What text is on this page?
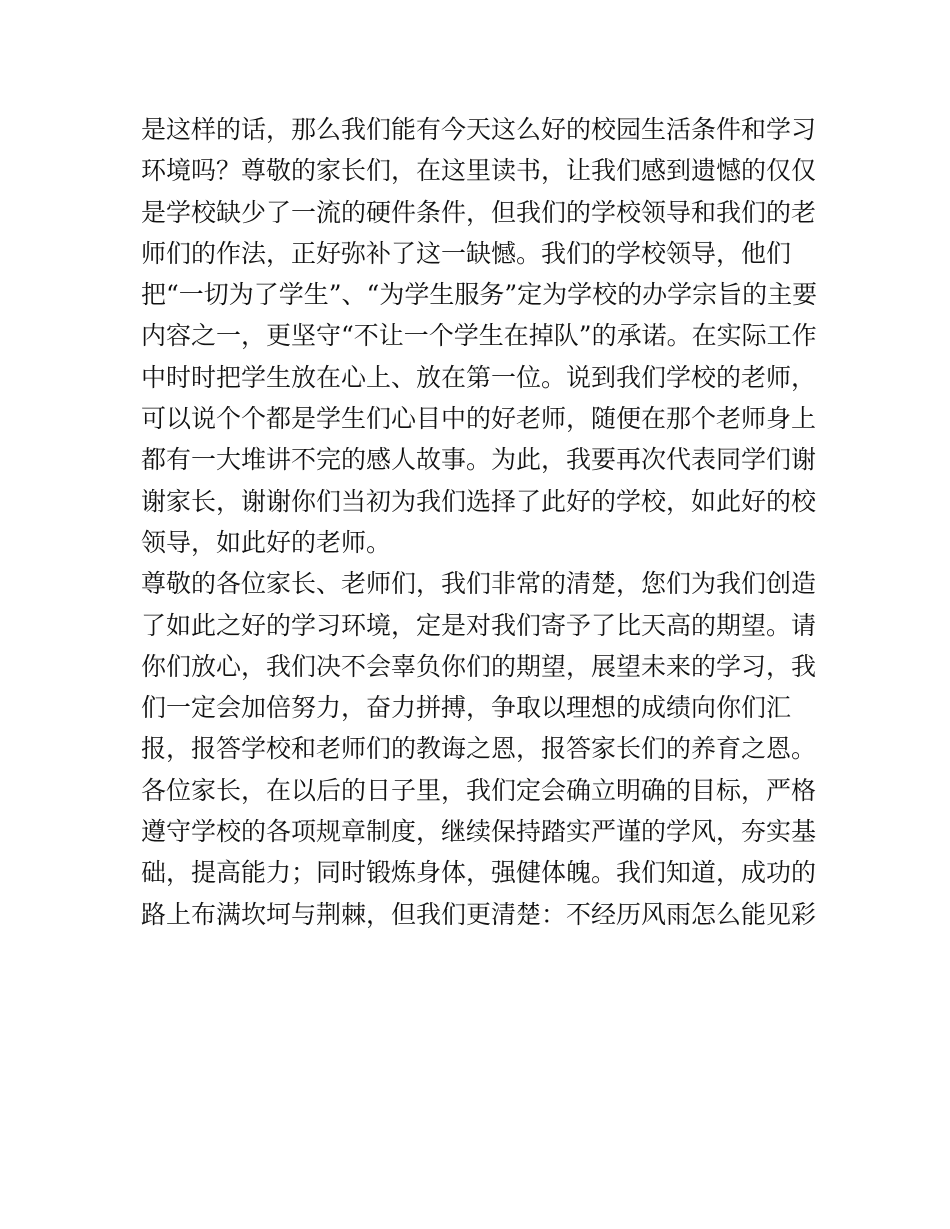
是这样的话，那么我们能有今天这么好的校园生活条件和学习
环境吗？尊敬的家长们，在这里读书，让我们感到遗憾的仅仅
是学校缺少了一流的硬件条件，但我们的学校领导和我们的老
师们的作法，正好弥补了这一缺憾。我们的学校领导，他们
把“一切为了学生”、“为学生服务”定为学校的办学宗旨的主要
内容之一，更坚守“不让一个学生在掉队”的承诺。在实际工作
中时时把学生放在心上、放在第一位。说到我们学校的老师，
可以说个个都是学生们心目中的好老师，随便在那个老师身上
都有一大堆讲不完的感人故事。为此，我要再次代表同学们谢
谢家长，谢谢你们当初为我们选择了此好的学校，如此好的校
领导，如此好的老师。
尊敬的各位家长、老师们，我们非常的清楚，您们为我们创造
了如此之好的学习环境，定是对我们寄予了比天高的期望。请
你们放心，我们决不会辜负你们的期望，展望未来的学习，我
们一定会加倍努力，奋力拼搏，争取以理想的成绩向你们汇
报，报答学校和老师们的教诲之恩，报答家长们的养育之恩。
各位家长，在以后的日子里，我们定会确立明确的目标，严格
遵守学校的各项规章制度，继续保持踏实严谨的学风，夯实基
础，提高能力；同时锻炼身体，强健体魄。我们知道，成功的
路上布满坎坷与荆棘，但我们更清楚：不经历风雨怎么能见彩
